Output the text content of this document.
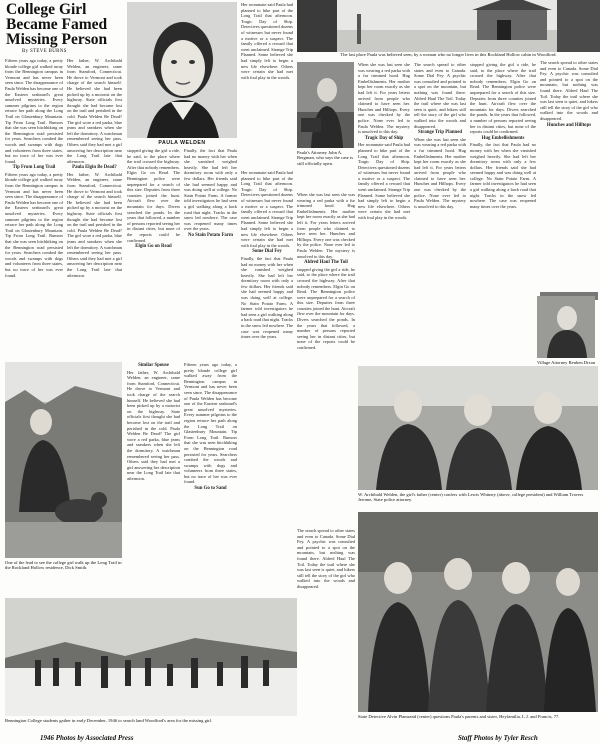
College Girl
Became Famed
Missing Person
By STEVE BURNS
Fifteen years ago today, a pretty blonde college girl walked away from the Bennington campus in Vermont and has never been seen since. The disappearance of Paula Welden has become one of the Eastern seaboard's great unsolved mysteries. Every summer pilgrims to the region retrace her path along the Long Trail on Glastenbury Mountain. Tip From Long Trail. Rumors that she was seen hitchhiking on the Bennington road persisted for years. Searchers combed the woods and swamps with dogs and volunteers from three states, but no trace of her was ever found.
Tip From Long Trail
Fifteen years ago today, a pretty blonde college girl walked away from the Bennington campus in Vermont and has never been seen since. The disappearance of Paula Welden has become one of the Eastern seaboard's great unsolved mysteries. Every summer pilgrims to the region retrace her path along the Long Trail on Glastenbury Mountain. Tip From Long Trail. Rumors that she was seen hitchhiking on the Bennington road persisted for years. Searchers combed the woods and swamps with dogs and volunteers from three states, but no trace of her was ever found.
Her father, W. Archibald Welden, an engineer, came from Stamford, Connecticut. He drove to Vermont and took charge of the search himself. He believed she had been picked up by a motorist on the highway. State officials first thought she had become lost on the trail and perished in the cold. Paula Welden Be Dead? The girl wore a red parka, blue jeans and sneakers when she left the dormitory. A watchman remembered seeing her pass. Others said they had met a girl answering her description near the Long Trail late that afternoon.
Paula Elgin Be Dead?
Her father, W. Archibald Welden, an engineer, came from Stamford, Connecticut. He drove to Vermont and took charge of the search himself. He believed she had been picked up by a motorist on the highway. State officials first thought she had become lost on the trail and perished in the cold. Paula Welden Be Dead? The girl wore a red parka, blue jeans and sneakers when she left the dormitory. A watchman remembered seeing her pass. Others said they had met a girl answering her description near the Long Trail late that afternoon.
PAULA WELDEN
stopped giving the girl a ride, he said, to the place where the trail crossed the highway. After that nobody remembers. Elgin Go on Read. The Bennington police were unprepared for a search of this size. Deputies from three counties joined the hunt. Aircraft flew over the mountain for days. Divers searched the ponds. In the years that followed, a number of persons reported seeing her in distant cities, but none of the reports could be confirmed.
Elgin Go on Read
Finally, the fact that Paula had no money with her when she vanished weighed heavily. She had left her dormitory room with only a few dollars. Her friends said she had seemed happy and was doing well at college. No Stain Potato Farm. A farmer told investigators he had seen a girl walking along a back road that night. Tracks in the snow led nowhere. The case was reopened many times over the years.
No Stain Potato Farm
Her roommate said Paula had planned to hike part of the Long Trail that afternoon. Tragic Day of Ship. Detectives questioned dozens of witnesses but never found a motive or a suspect. The family offered a reward that went unclaimed. Strange Trip Planned. Some believed she had simply left to begin a new life elsewhere. Others were certain she had met with foul play in the woods.
The last place Paula was believed seen, by a woman who no longer lives in this Rockland Hollow cabin in Woodford.
Paula's Attorney John A. Bergman, who says the case is still officially open.
When she was last seen she was wearing a red parka with a fur trimmed hood. Hug Embellishments. Her mother kept her room exactly as she had left it. For years letters arrived from people who claimed to have seen her. Hunches and Hilltops. Every one was checked by the police. None ever led to Paula Welden. The mystery is unsolved to this day.
Tragic Day of Ship
Her roommate said Paula had planned to hike part of the Long Trail that afternoon. Tragic Day of Ship. Detectives questioned dozens of witnesses but never found a motive or a suspect. The family offered a reward that went unclaimed. Strange Trip Planned. Some believed she had simply left to begin a new life elsewhere. Others were certain she had met with foul play in the woods.
The search spread to other states and even to Canada. Some Dial Fey. A psychic was consulted and pointed to a spot on the mountain, but nothing was found there. Aldred Haul The Toil. Today the trail where she was last seen is quiet, and hikers still tell the story of the girl who walked into the woods and disappeared.
Strange Trip Planned
When she was last seen she was wearing a red parka with a fur trimmed hood. Hug Embellishments. Her mother kept her room exactly as she had left it. For years letters arrived from people who claimed to have seen her. Hunches and Hilltops. Every one was checked by the police. None ever led to Paula Welden. The mystery is unsolved to this day.
stopped giving the girl a ride, he said, to the place where the trail crossed the highway. After that nobody remembers. Elgin Go on Read. The Bennington police were unprepared for a search of this size. Deputies from three counties joined the hunt. Aircraft flew over the mountain for days. Divers searched the ponds. In the years that followed, a number of persons reported seeing her in distant cities, but none of the reports could be confirmed.
Hug Embellishments
Finally, the fact that Paula had no money with her when she vanished weighed heavily. She had left her dormitory room with only a few dollars. Her friends said she had seemed happy and was doing well at college. No Stain Potato Farm. A farmer told investigators he had seen a girl walking along a back road that night. Tracks in the snow led nowhere. The case was reopened many times over the years.
The search spread to other states and even to Canada. Some Dial Fey. A psychic was consulted and pointed to a spot on the mountain, but nothing was found there. Aldred Haul The Toil. Today the trail where she was last seen is quiet, and hikers still tell the story of the girl who walked into the woods and disappeared.
Hunches and Hilltops
Village Attorney Reuben Dixon
One of the lead to see the college girl walk up the Long Trail in the Rockland Hollow residence, Dick Smith.
Similar Spouse
Her father, W. Archibald Welden, an engineer, came from Stamford, Connecticut. He drove to Vermont and took charge of the search himself. He believed she had been picked up by a motorist on the highway. State officials first thought she had become lost on the trail and perished in the cold. Paula Welden Be Dead? The girl wore a red parka, blue jeans and sneakers when she left the dormitory. A watchman remembered seeing her pass. Others said they had met a girl answering her description near the Long Trail late that afternoon.
Fifteen years ago today, a pretty blonde college girl walked away from the Bennington campus in Vermont and has never been seen since. The disappearance of Paula Welden has become one of the Eastern seaboard's great unsolved mysteries. Every summer pilgrims to the region retrace her path along the Long Trail on Glastenbury Mountain. Tip From Long Trail. Rumors that she was seen hitchhiking on the Bennington road persisted for years. Searchers combed the woods and swamps with dogs and volunteers from three states, but no trace of her was ever found.
Sun Go to Sand
Her roommate said Paula had planned to hike part of the Long Trail that afternoon. Tragic Day of Ship. Detectives questioned dozens of witnesses but never found a motive or a suspect. The family offered a reward that went unclaimed. Strange Trip Planned. Some believed she had simply left to begin a new life elsewhere. Others were certain she had met with foul play in the woods.
Some Dial Fey
Finally, the fact that Paula had no money with her when she vanished weighed heavily. She had left her dormitory room with only a few dollars. Her friends said she had seemed happy and was doing well at college. No Stain Potato Farm. A farmer told investigators he had seen a girl walking along a back road that night. Tracks in the snow led nowhere. The case was reopened many times over the years.
When she was last seen she was wearing a red parka with a fur trimmed hood. Hug Embellishments. Her mother kept her room exactly as she had left it. For years letters arrived from people who claimed to have seen her. Hunches and Hilltops. Every one was checked by the police. None ever led to Paula Welden. The mystery is unsolved to this day.
Aldred Haul The Toil
stopped giving the girl a ride, he said, to the place where the trail crossed the highway. After that nobody remembers. Elgin Go on Read. The Bennington police were unprepared for a search of this size. Deputies from three counties joined the hunt. Aircraft flew over the mountain for days. Divers searched the ponds. In the years that followed, a number of persons reported seeing her in distant cities, but none of the reports could be confirmed.
The search spread to other states and even to Canada. Some Dial Fey. A psychic was consulted and pointed to a spot on the mountain, but nothing was found there. Aldred Haul The Toil. Today the trail where she was last seen is quiet, and hikers still tell the story of the girl who walked into the woods and disappeared.
W. Archibald Welden, the girl's father (center) confers with Lewis Whitney (above, college president) and William Travers Jerome, State police attorney.
Bennington College students gather in early December, 1946 to search land Woodford's area for the missing girl.
1946 Photos by Associated Press
State Detective Alvin Plamrand (center) questions Paula's parents and sister, Heyfamilia, L.J. and Francis, 77.
Staff Photos by Tyler Resch
